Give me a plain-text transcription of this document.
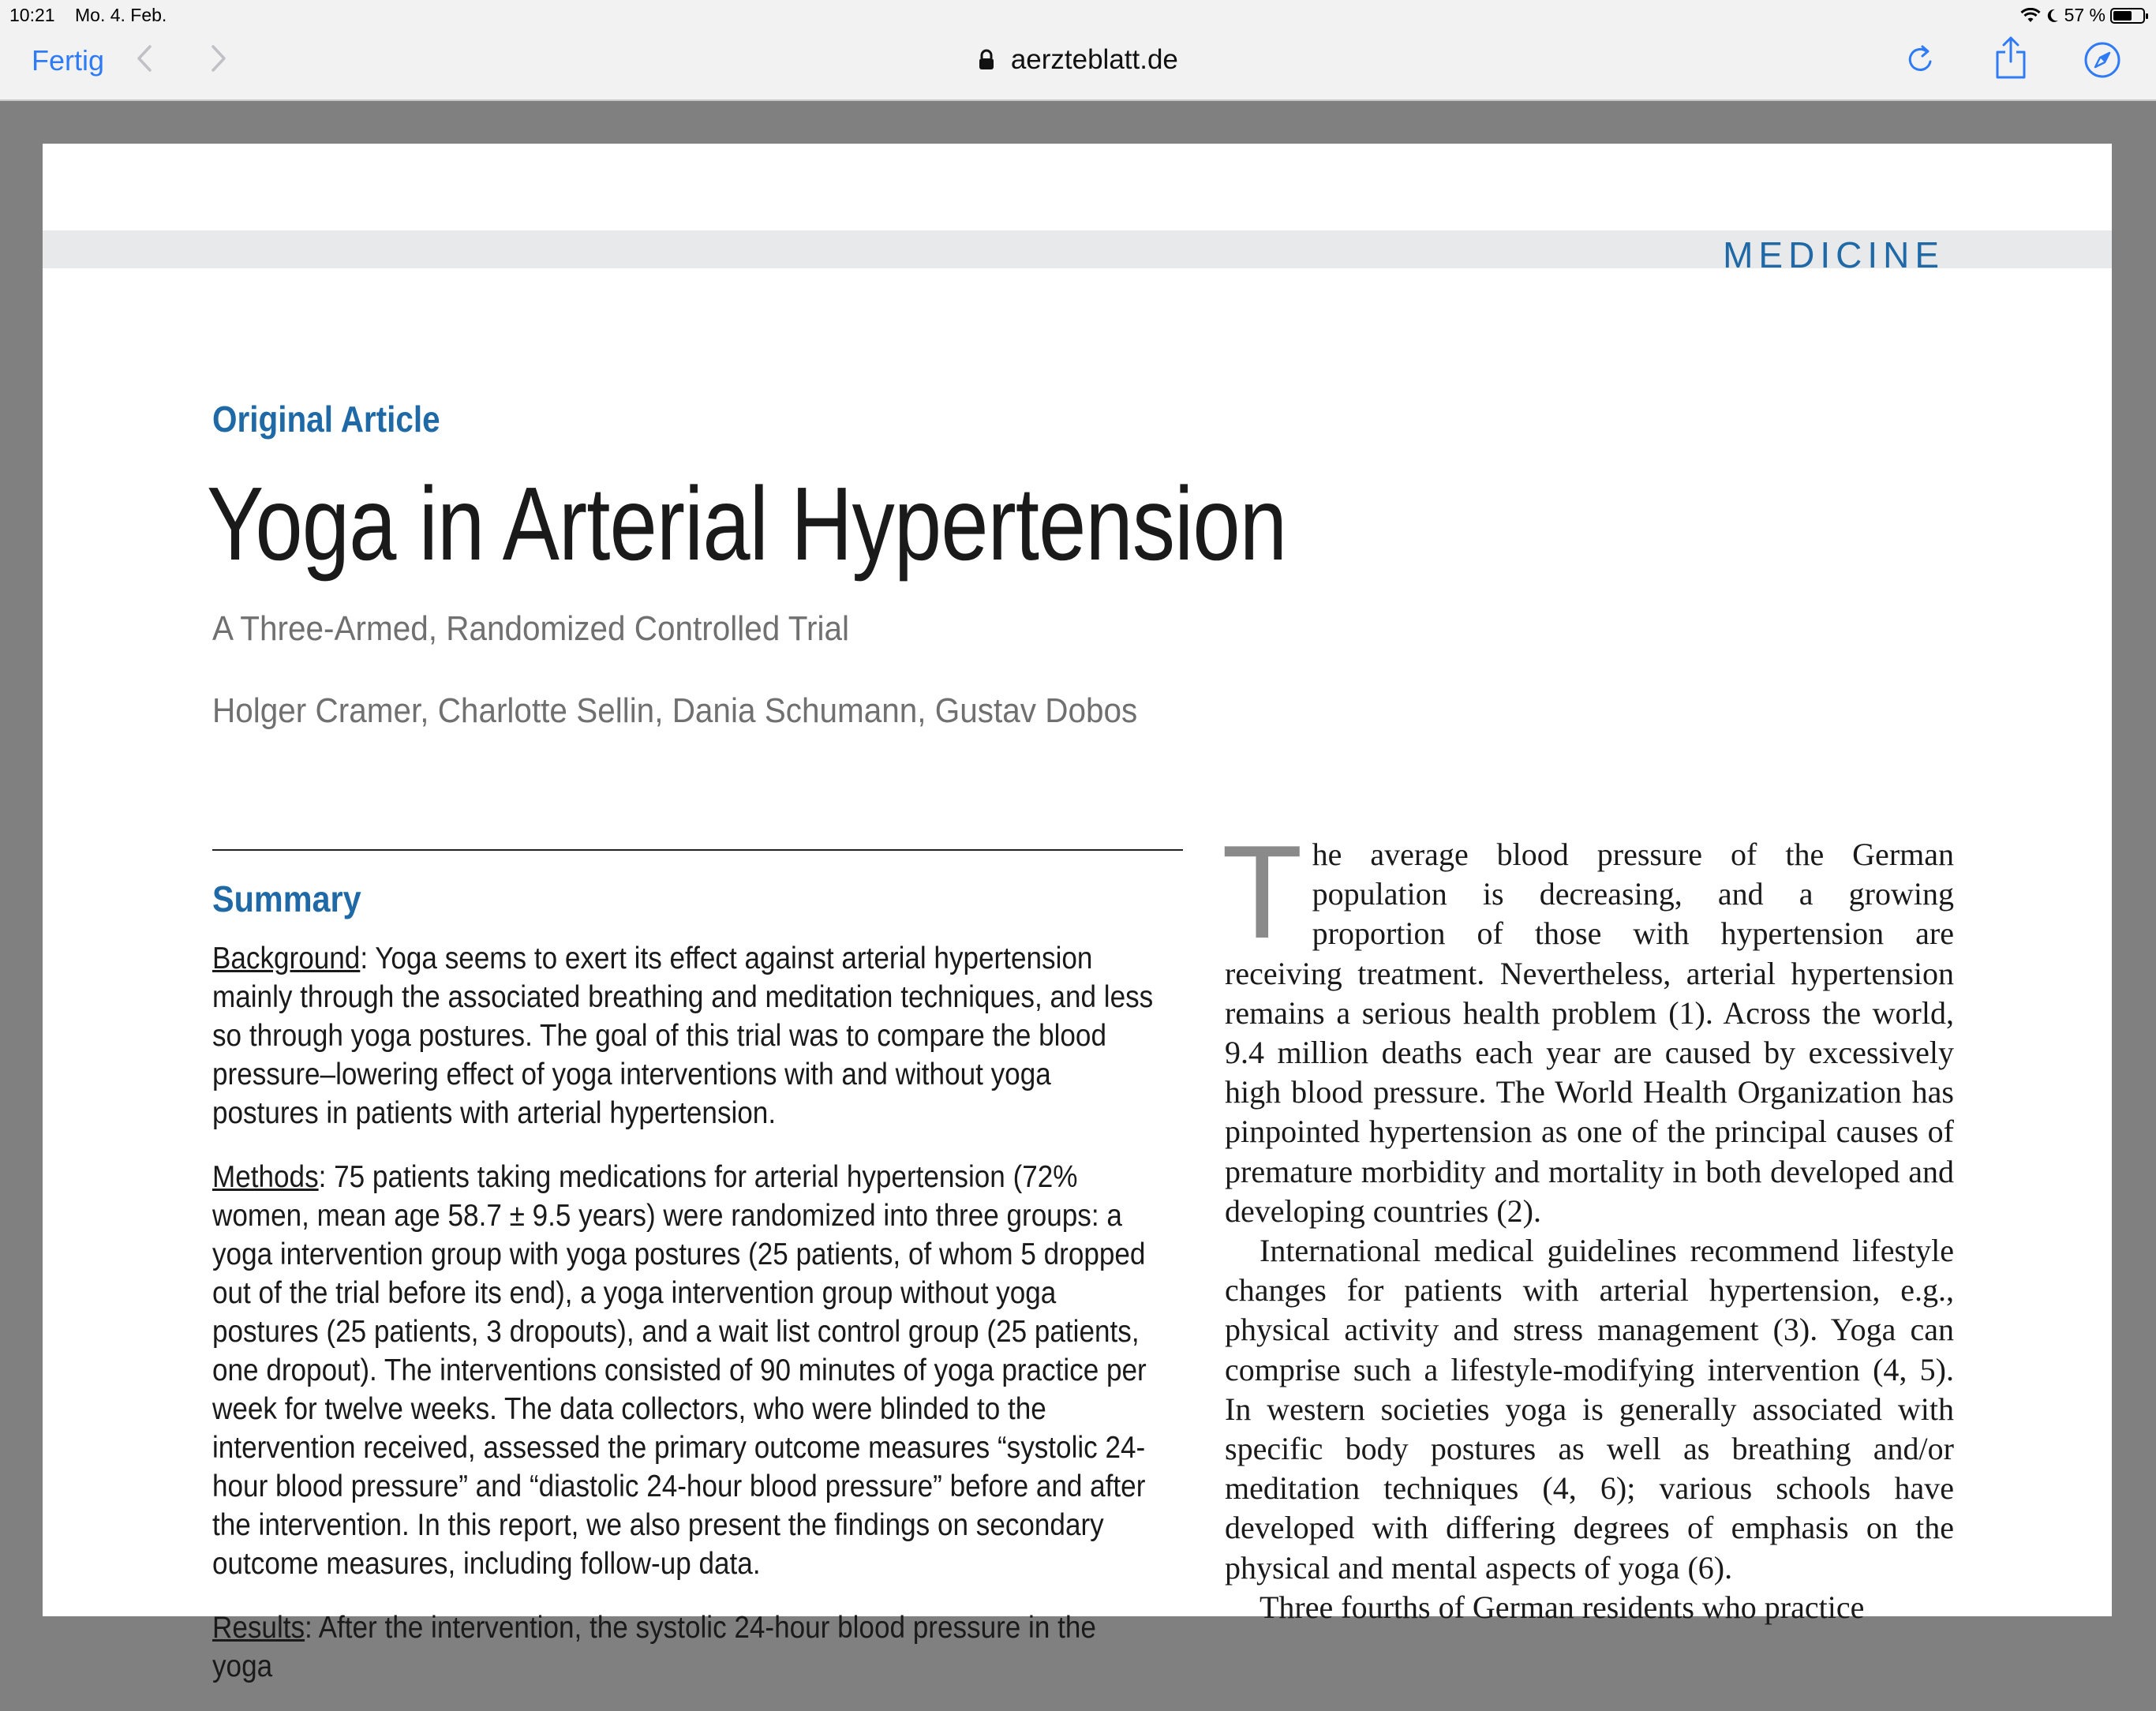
10:21 Mo. 4. Feb.	57 %
Fertig	aerzteblatt.de
MEDICINE
Original Article
Yoga in Arterial Hypertension
A Three-Armed, Randomized Controlled Trial
Holger Cramer, Charlotte Sellin, Dania Schumann, Gustav Dobos
Summary

Background: Yoga seems to exert its effect against arterial hypertension mainly through the associated breathing and meditation techniques, and less so through yoga postures. The goal of this trial was to compare the blood pressure–lowering effect of yoga interventions with and without yoga postures in patients with arterial hypertension.

Methods: 75 patients taking medications for arterial hypertension (72% women, mean age 58.7 ± 9.5 years) were randomized into three groups: a yoga intervention group with yoga postures (25 patients, of whom 5 dropped out of the trial before its end), a yoga intervention group without yoga postures (25 patients, 3 dropouts), and a wait list control group (25 patients, one dropout). The interventions consisted of 90 minutes of yoga practice per week for twelve weeks. The data collectors, who were blinded to the intervention received, assessed the primary outcome measures “systolic 24-hour blood pressure” and “diastolic 24-hour blood pressure” before and after the intervention. In this report, we also present the findings on secondary outcome measures, including follow-up data.

Results: After the intervention, the systolic 24-hour blood pressure in the yoga

The average blood pressure of the German population is decreasing, and a growing proportion of those with hypertension are receiving treatment. Nevertheless, arterial hypertension remains a serious health problem (1). Across the world, 9.4 million deaths each year are caused by excessively high blood pressure. The World Health Organization has pinpointed hypertension as one of the principal causes of premature morbidity and mortality in both developed and developing countries (2).

International medical guidelines recommend lifestyle changes for patients with arterial hypertension, e.g., physical activity and stress management (3). Yoga can comprise such a lifestyle-modifying intervention (4, 5). In western societies yoga is generally associated with specific body postures as well as breathing and/or meditation techniques (4, 6); various schools have developed with differing degrees of emphasis on the physical and mental aspects of yoga (6).

Three fourths of German residents who practice
